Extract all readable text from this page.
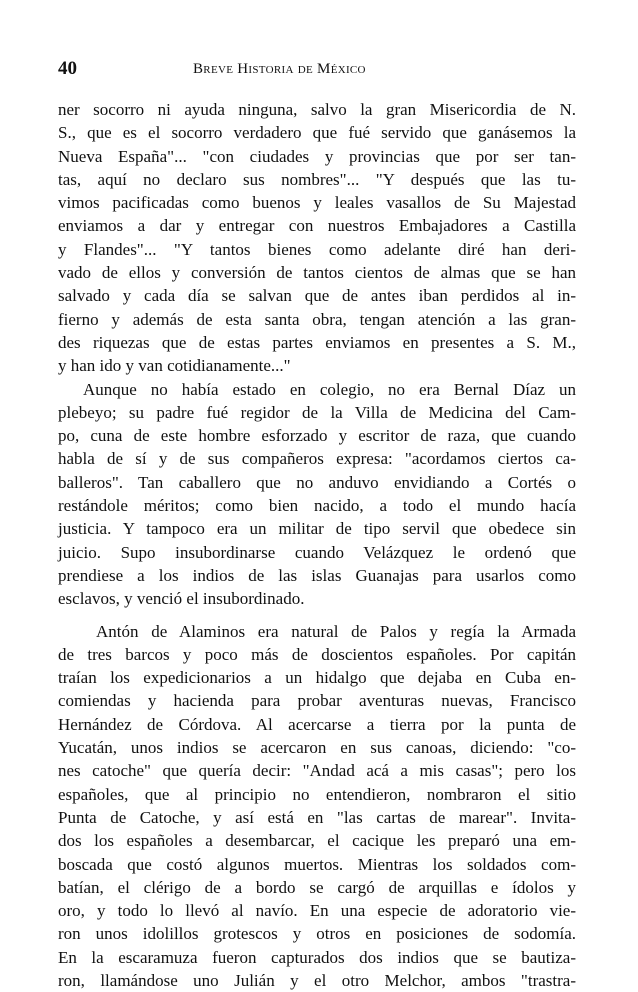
40	Breve Historia de México
ner socorro ni ayuda ninguna, salvo la gran Misericordia de N.
S., que es el socorro verdadero que fué servido que ganásemos la
Nueva España"... "con ciudades y provincias que por ser tan-
tas, aquí no declaro sus nombres"... "Y después que las tu-
vimos pacificadas como buenos y leales vasallos de Su Majestad
enviamos a dar y entregar con nuestros Embajadores a Castilla
y Flandes"... "Y tantos bienes como adelante diré han deri-
vado de ellos y conversión de tantos cientos de almas que se han
salvado y cada día se salvan que de antes iban perdidos al in-
fierno y además de esta santa obra, tengan atención a las gran-
des riquezas que de estas partes enviamos en presentes a S. M.,
y han ido y van cotidianamente..."
Aunque no había estado en colegio, no era Bernal Díaz un
plebeyo; su padre fué regidor de la Villa de Medicina del Cam-
po, cuna de este hombre esforzado y escritor de raza, que cuando
habla de sí y de sus compañeros expresa: "acordamos ciertos ca-
balleros". Tan caballero que no anduvo envidiando a Cortés o
restándole méritos; como bien nacido, a todo el mundo hacía
justicia. Y tampoco era un militar de tipo servil que obedece sin
juicio. Supo insubordinarse cuando Velázquez le ordenó que
prendiese a los indios de las islas Guanajas para usarlos como
esclavos, y venció el insubordinado.
Antón de Alaminos era natural de Palos y regía la Armada
de tres barcos y poco más de doscientos españoles. Por capitán
traían los expedicionarios a un hidalgo que dejaba en Cuba en-
comiendas y hacienda para probar aventuras nuevas, Francisco
Hernández de Córdova. Al acercarse a tierra por la punta de
Yucatán, unos indios se acercaron en sus canoas, diciendo: "co-
nes catoche" que quería decir: "Andad acá a mis casas"; pero los
españoles, que al principio no entendieron, nombraron el sitio
Punta de Catoche, y así está en "las cartas de marear". Invita-
dos los españoles a desembarcar, el cacique les preparó una em-
boscada que costó algunos muertos. Mientras los soldados com-
batían, el clérigo de a bordo se cargó de arquillas e ídolos y
oro, y todo lo llevó al navío. En una especie de adoratorio vie-
ron unos idolillos grotescos y otros en posiciones de sodomía.
En la escaramuza fueron capturados dos indios que se bautiza-
ron, llamándose uno Julián y el otro Melchor, ambos "trastra-
